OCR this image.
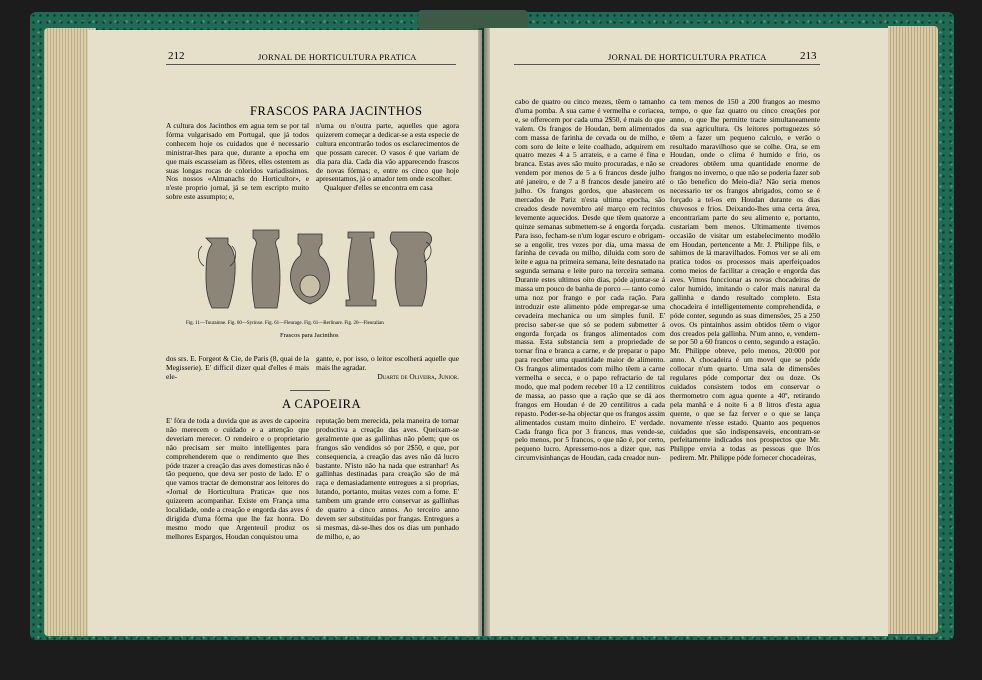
212	JORNAL DE HORTICULTURA PRATICA
FRASCOS PARA JACINTHOS

A cultura dos Jacinthos em agua tem se por tal fórma vulgarisado em Portugal, que já todos conhecem hoje os cuidados que é necessario ministrar-lhes para que, durante a epocha em que mais escasseiam as flôres, elles ostentem as suas longas rocas de coloridos variadissimos. Nos nossos «Almanachs do Horticultor», e n'este proprio jornal, já se tem escripto muito sobre este assumpto; e,

n'uma ou n'outra parte, aquelles que agora quizerem começar a dedicar-se a esta especie de cultura encontrarão todos os esclarecimentos de que possam carecer. O vasos é que variam de dia para dia. Cada dia vão apparecendo frascos de novas fórmas; e, entre os cinco que hoje apresentamos, já o amador tem onde escolher.

Qualquer d'elles se encontra em casa

Fig. 11—Tourainne. Fig. 60—Syrinxe. Fig. 61—Fleurage. Fig. 61—Berlinare. Fig. 20—Fleuralian
Frascos para Jacinthos

dos srs. E. Forgeot & Cie, de Paris (8, quai de la Megisserie). E' difficil dizer qual d'elles é mais ele-

gante, e, por isso, o leitor escolherá aquelle que mais lhe agradar.

Duarte de Oliveira, Junior.

A CAPOEIRA

E' fóra de toda a duvida que as aves de capoeira não merecem o cuidado e a attenção que deveriam merecer. O rendeiro e o proprietario não precisam ser muito intelligentes para comprehenderem que o rendimento que lhes póde trazer a creação das aves domesticas não é tão pequeno, que deva ser posto de lado. E' o que vamos tractar de demonstrar aos leitores do «Jornal de Horticultura Pratica» que nos quizerem acompanhar. Existe em França uma localidade, onde a creação e engorda das aves é dirigida d'uma fórma que lhe faz honra. Do mesmo modo que Argenteuil produz os melhores Espargos, Houdan conquistou uma

reputação bem merecida, pela maneira de tornar productiva a creação das aves. Queixam-se geralmente que as gallinhas não põem; que os frangos são vendidos só por 2$50, e que, por consequencia, a creação das aves não dá lucro bastante. N'isto não ha nada que estranhar! As gallinhas destinadas para creação são de má raça e demasiadamente entregues a si proprias, lutando, portanto, muitas vezes com a fome. E' tambem um grande erro conservar as gallinhas de quatro a cinco annos. Ao terceiro anno devem ser substituidas por frangas. Entregues a si mesmas, dá-se-lhes dos os dias um punhado de milho, e, ao

JORNAL DE HORTICULTURA PRATICA	213

cabo de quatro ou cinco mezes, têem o tamanho d'uma pomba. A sua carne é vermelha e coriacea, e, se offerecem por cada uma 2$50, é mais do que valem. Os frangos de Houdan, bem alimentados com massa de farinha de cevada ou de milho, e com soro de leite e leite coalhado, adquirem em quatro mezes 4 a 5 arrateis, e a carne é fina e branca. Estas aves são muito procuradas, e não se vendem por menos de 5 a 6 francos desde julho até janeiro, e de 7 a 8 francos desde janeiro até julho. Os frangos gordos, que abastecem os mercados de Pariz n'esta ultima epocha, são creados desde novembro até março em recintos levemente aquecidos. Desde que têem quatorze a quinze semanas submettem-se á engorda forçada. Para isso, fecham-se n'um logar escuro e obrigam-se a engolir, tres vezes por dia, uma massa de farinha de cevada ou milho, diluida com soro de leite e agua na primeira semana, leite desnatado na segunda semana e leite puro na terceira semana. Durante estes ultimos oito dias, póde ajuntar-se á massa um pouco de banha de porco — tanto como uma noz por frango e por cada ração. Para introduzir este alimento póde empregar-se uma cevadeira mechanica ou um simples funil. E' preciso saber-se que só se podem submetter á engorda forçada os frangos alimentados com massa. Esta substancia tem a propriedade de tornar fina e branca a carne, e de preparar o papo para receber uma quantidade maior de alimento. Os frangos alimentados com milho têem a carne vermelha e secca, e o papo refractario de tal modo, que mal podem receber 10 a 12 centilitros de massa, ao passo que a ração que se dá aos frangos em Houdan é de 20 centilitros a cada repasto. Poder-se-ha objectar que os frangos assim alimentados custam muito dinheiro. E' verdade. Cada frango fica por 3 francos, mas vende-se, pelo menos, por 5 francos, o que não é, por certo, pequeno lucro. Apressemo-nos a dizer que, nas circumvisinhanças de Houdan, cada creador nun-

ca tem menos de 150 a 200 frangos ao mesmo tempo, o que faz quatro ou cinco creações por anno, o que lhe permitte tracte simultaneamente da sua agricultura. Os leitores portuguezes só têem a fazer um pequeno calculo, e verão o resultado maravilhoso que se colhe. Ora, se em Houdan, onde o clima é humido e frio, os creadores obtêem uma quantidade enorme de frangos no inverno, o que não se poderia fazer sob o tão benefico do Meio-dia? Não seria menos necessario ter os frangos abrigados, como se é forçado a tel-os em Houdan durante os dias chuvosos e frios. Deixando-lhes uma certa área, encontrariam parte do seu alimento e, portanto, custariam bem menos. Ultimamente tivemos occasião de visitar um estabelecimento modêlo em Houdan, pertencente a Mr. J. Philippe fils, e sahimos de lá maravilhados. Fomos ver se ali em pratica todos os processos mais aperfeiçoados como meios de facilitar a creação e engorda das aves. Vimos funccionar as novas chocadeiras de calor humido, imitando o calor mais natural da gallinha e dando resultado completo. Esta chocadeira é intelligentemente comprehendida, e póde conter, segundo as suas dimensões, 25 a 250 ovos. Os pintainhos assim obtidos têem o vigor dos creados pela gallinha. N'um anno, e, vendem-se por 50 a 60 francos o cento, segundo a estação. Mr. Philippe obteve, pelo menos, 20:000 por anno. A chocadeira é um movel que se póde collocar n'um quarto. Uma sala de dimensões regulares póde comportar dez ou doze. Os cuidados consistem todos em conservar o thermometro com agua quente a 40º, retirando pela manhã e á noite 6 a 8 litros d'esta agua quente, o que se faz ferver e o que se lança novamente n'esse estado. Quanto aos pequenos cuidados que são indispensaveis, encontram-se perfeitamente indicados nos prospectos que Mr. Philippe envia a todas as pessoas que lh'os pedirem. Mr. Philippe póde fornecer chocadeiras,
